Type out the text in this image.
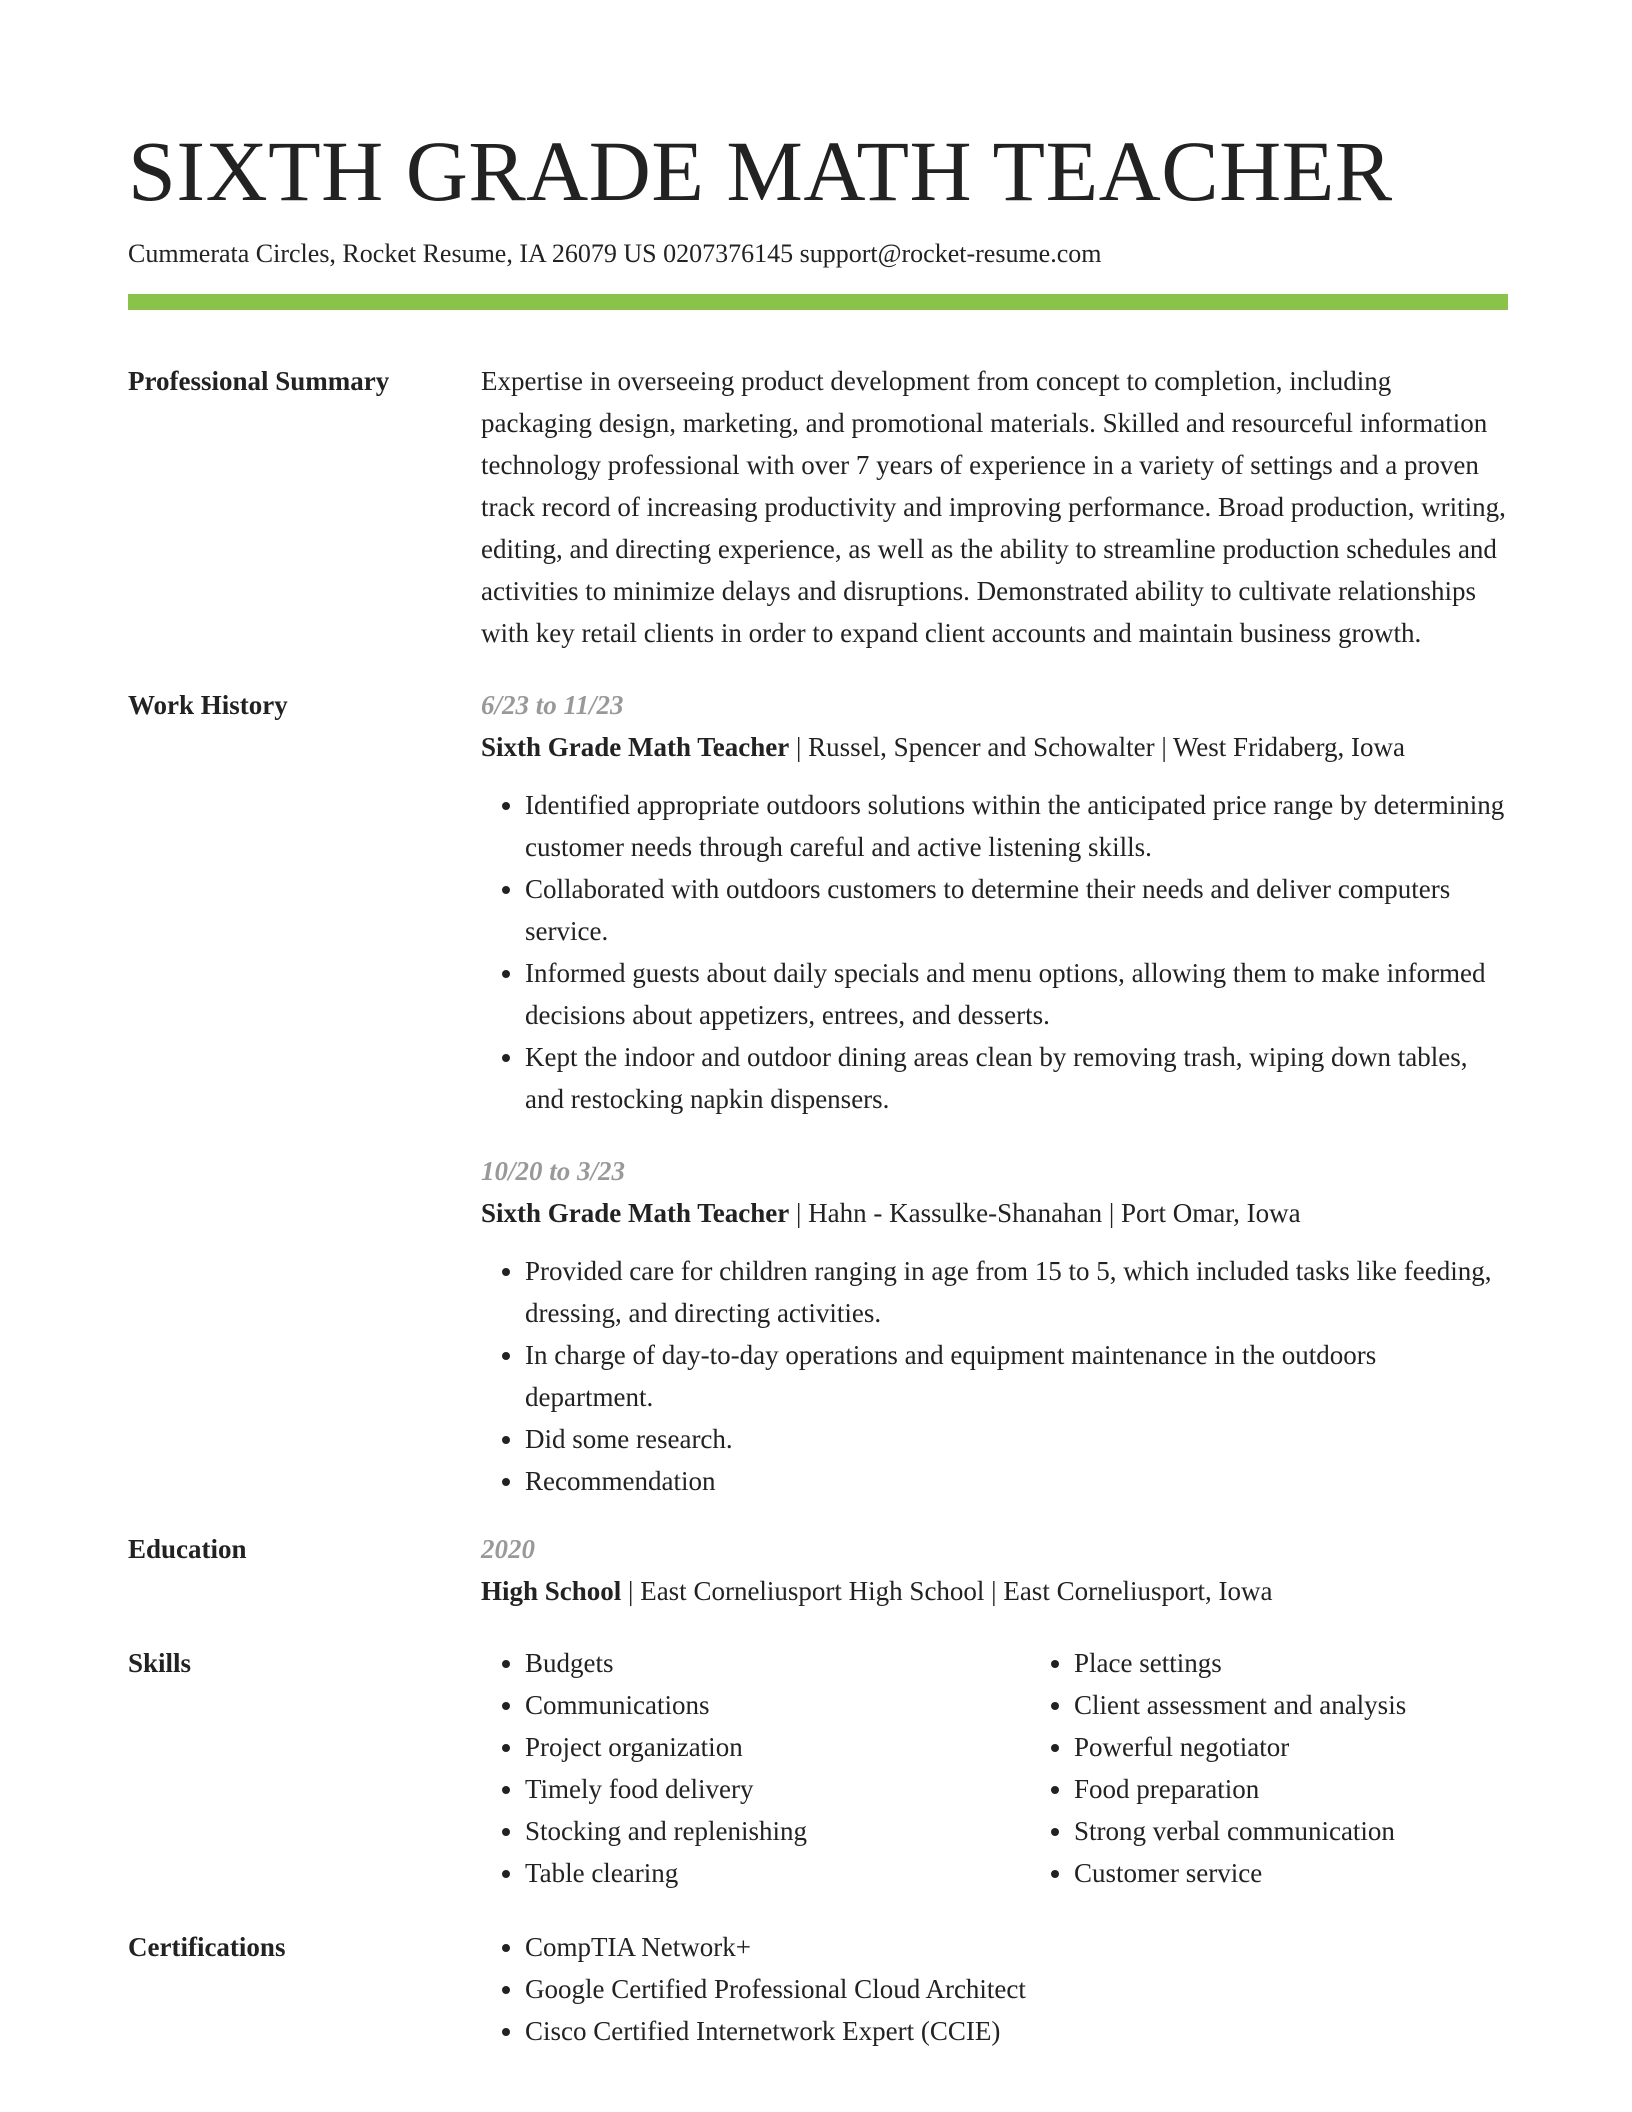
SIXTH GRADE MATH TEACHER
Cummerata Circles, Rocket Resume, IA 26079 US 0207376145 support@rocket-resume.com
Professional Summary	Expertise in overseeing product development from concept to completion, including packaging design, marketing, and promotional materials. Skilled and resourceful information technology professional with over 7 years of experience in a variety of settings and a proven track record of increasing productivity and improving performance. Broad production, writing, editing, and directing experience, as well as the ability to streamline production schedules and activities to minimize delays and disruptions. Demonstrated ability to cultivate relationships with key retail clients in order to expand client accounts and maintain business growth.
Work History	6/23 to 11/23
Sixth Grade Math Teacher | Russel, Spencer and Schowalter | West Fridaberg, Iowa
• Identified appropriate outdoors solutions within the anticipated price range by determining customer needs through careful and active listening skills.
• Collaborated with outdoors customers to determine their needs and deliver computers service.
• Informed guests about daily specials and menu options, allowing them to make informed decisions about appetizers, entrees, and desserts.
• Kept the indoor and outdoor dining areas clean by removing trash, wiping down tables, and restocking napkin dispensers.
10/20 to 3/23
Sixth Grade Math Teacher | Hahn - Kassulke-Shanahan | Port Omar, Iowa
• Provided care for children ranging in age from 15 to 5, which included tasks like feeding, dressing, and directing activities.
• In charge of day-to-day operations and equipment maintenance in the outdoors department.
• Did some research.
• Recommendation
Education	2020
High School | East Corneliusport High School | East Corneliusport, Iowa
Skills	• Budgets
• Communications
• Project organization
• Timely food delivery
• Stocking and replenishing
• Table clearing
• Place settings
• Client assessment and analysis
• Powerful negotiator
• Food preparation
• Strong verbal communication
• Customer service
Certifications	• CompTIA Network+
• Google Certified Professional Cloud Architect
• Cisco Certified Internetwork Expert (CCIE)
